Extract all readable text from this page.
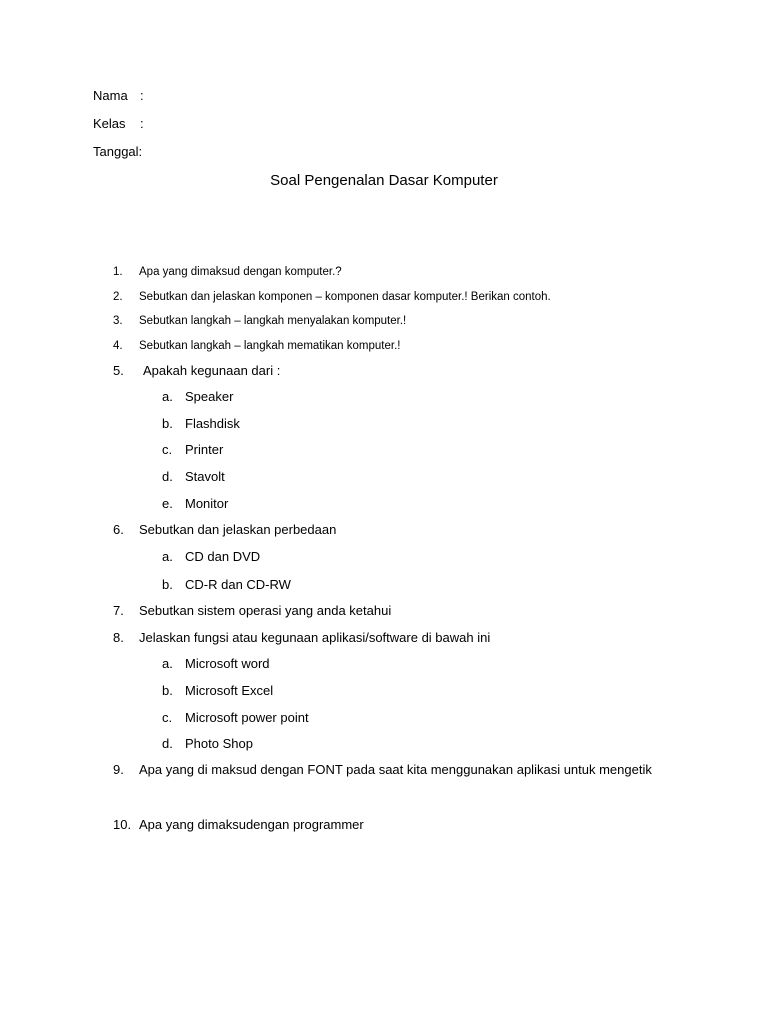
Nama :
Kelas :
Tanggal:
Soal Pengenalan Dasar Komputer
1. Apa yang dimaksud dengan komputer.?
2. Sebutkan dan jelaskan komponen – komponen dasar komputer.! Berikan contoh.
3. Sebutkan langkah – langkah menyalakan komputer.!
4. Sebutkan langkah – langkah mematikan komputer.!
5. Apakah kegunaan dari :
a. Speaker
b. Flashdisk
c. Printer
d. Stavolt
e. Monitor
6. Sebutkan dan jelaskan perbedaan
a. CD dan DVD
b. CD-R dan CD-RW
7. Sebutkan sistem operasi yang anda ketahui
8. Jelaskan fungsi atau kegunaan aplikasi/software di bawah ini
a. Microsoft word
b. Microsoft Excel
c. Microsoft power point
d. Photo Shop
9. Apa yang di maksud dengan FONT pada saat kita menggunakan aplikasi untuk mengetik
10. Apa yang dimaksudengan programmer
